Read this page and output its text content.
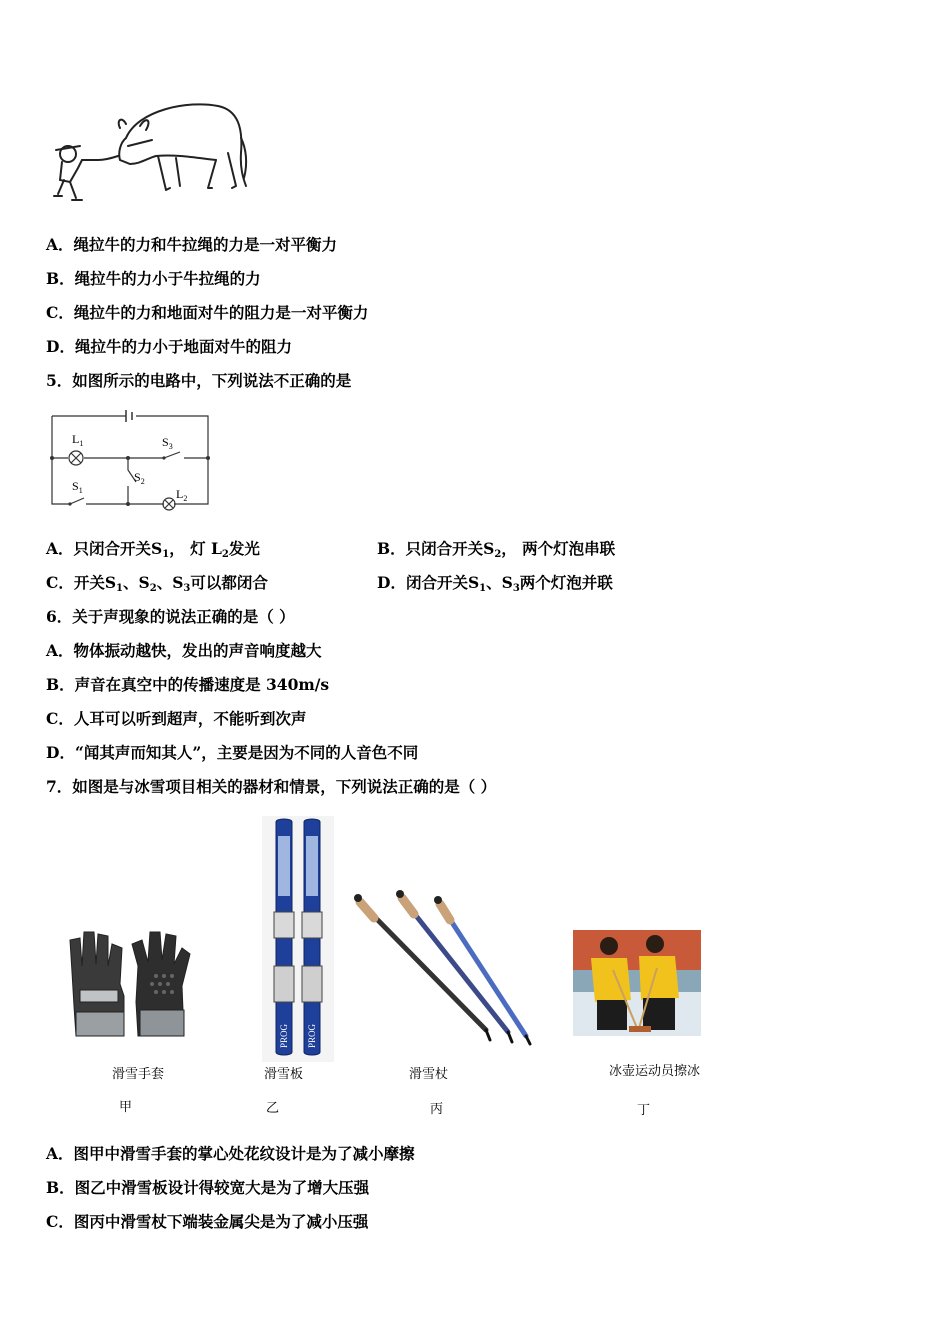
A．绳拉牛的力和牛拉绳的力是一对平衡力
B．绳拉牛的力小于牛拉绳的力
C．绳拉牛的力和地面对牛的阻力是一对平衡力
D．绳拉牛的力小于地面对牛的阻力
5．如图所示的电路中，下列说法不正确的是
$L_1$	$S_3$
$S_2$
$S_1$	$L_2$
A．只闭合开关$S_1$， 灯 $L_2$发光	B．只闭合开关$S_2$， 两个灯泡串联
C．开关$S_1$、$S_2$、$S_3$可以都闭合	D．闭合开关$S_1$、$S_3$两个灯泡并联
6．关于声现象的说法正确的是（ ）
A．物体振动越快，发出的声音响度越大
B．声音在真空中的传播速度是 340m/s
C．人耳可以听到超声，不能听到次声
D．“闻其声而知其人”，主要是因为不同的人音色不同
7．如图是与冰雪项目相关的器材和情景，下列说法正确的是（ ）
PROG PROG
滑雪手套	滑雪板	滑雪杖	冰壶运动员擦冰
甲	乙	丙	丁
A．图甲中滑雪手套的掌心处花纹设计是为了减小摩擦
B．图乙中滑雪板设计得较宽大是为了增大压强
C．图丙中滑雪杖下端装金属尖是为了减小压强
